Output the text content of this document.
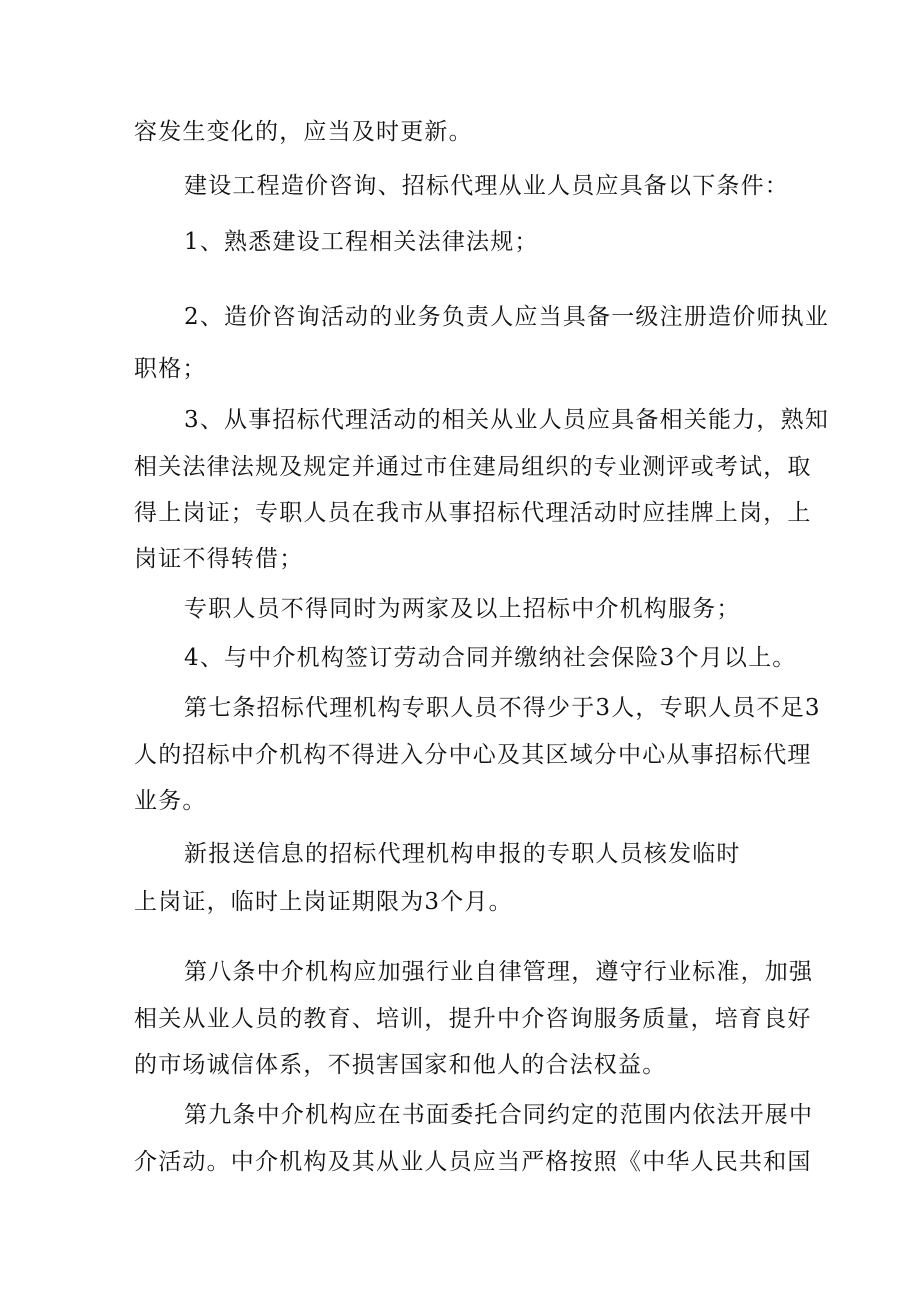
容发生变化的，应当及时更新。
建设工程造价咨询、招标代理从业人员应具备以下条件：
1、熟悉建设工程相关法律法规；
2、造价咨询活动的业务负责人应当具备一级注册造价师执业
职格；
3、从事招标代理活动的相关从业人员应具备相关能力，熟知
相关法律法规及规定并通过市住建局组织的专业测评或考试，取
得上岗证；专职人员在我市从事招标代理活动时应挂牌上岗，上
岗证不得转借；
专职人员不得同时为两家及以上招标中介机构服务；
4、与中介机构签订劳动合同并缴纳社会保险3个月以上。
第七条招标代理机构专职人员不得少于3人，专职人员不足3
人的招标中介机构不得进入分中心及其区域分中心从事招标代理
业务。
新报送信息的招标代理机构申报的专职人员核发临时
上岗证，临时上岗证期限为3个月。
第八条中介机构应加强行业自律管理，遵守行业标准，加强
相关从业人员的教育、培训，提升中介咨询服务质量，培育良好
的市场诚信体系，不损害国家和他人的合法权益。
第九条中介机构应在书面委托合同约定的范围内依法开展中
介活动。中介机构及其从业人员应当严格按照《中华人民共和国
